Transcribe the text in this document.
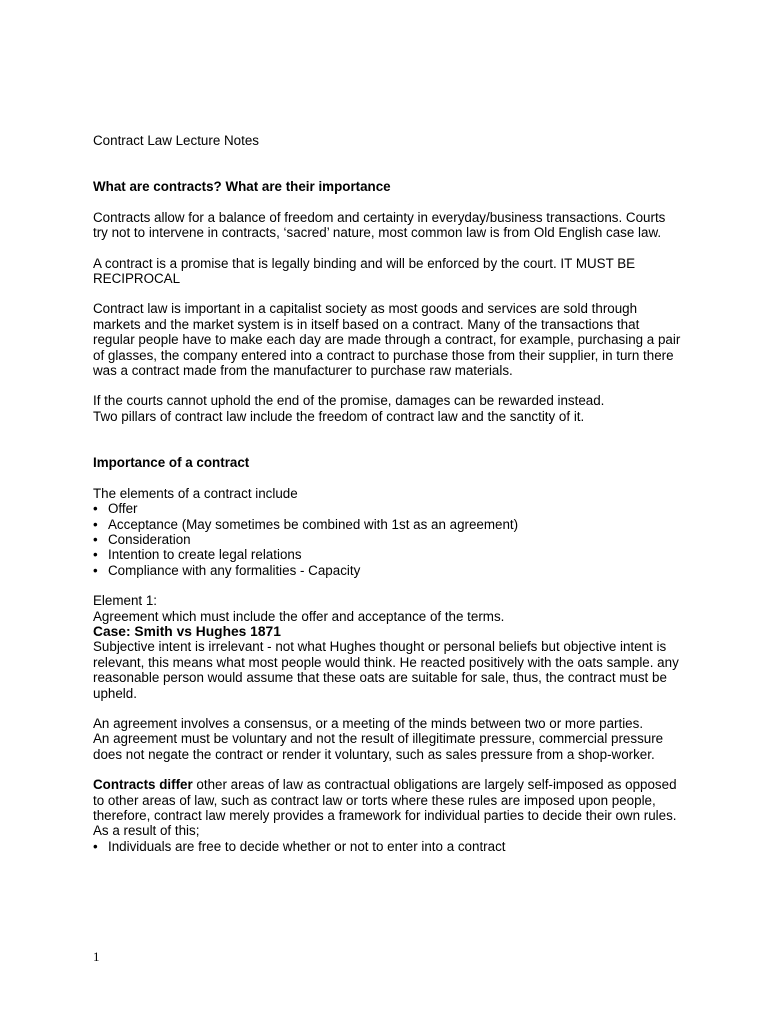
Contract Law Lecture Notes

What are contracts? What are their importance

Contracts allow for a balance of freedom and certainty in everyday/business transactions. Courts try not to intervene in contracts, ‘sacred’ nature, most common law is from Old English case law.

A contract is a promise that is legally binding and will be enforced by the court. IT MUST BE RECIPROCAL

Contract law is important in a capitalist society as most goods and services are sold through markets and the market system is in itself based on a contract. Many of the transactions that regular people have to make each day are made through a contract, for example, purchasing a pair of glasses, the company entered into a contract to purchase those from their supplier, in turn there was a contract made from the manufacturer to purchase raw materials.

If the courts cannot uphold the end of the promise, damages can be rewarded instead.

Two pillars of contract law include the freedom of contract law and the sanctity of it.

Importance of a contract

The elements of a contract include

• Offer
• Acceptance (May sometimes be combined with 1st as an agreement)
• Consideration
• Intention to create legal relations
• Compliance with any formalities - Capacity

Element 1:

Agreement which must include the offer and acceptance of the terms.

Case: Smith vs Hughes 1871

Subjective intent is irrelevant - not what Hughes thought or personal beliefs but objective intent is relevant, this means what most people would think. He reacted positively with the oats sample. any reasonable person would assume that these oats are suitable for sale, thus, the contract must be upheld.

An agreement involves a consensus, or a meeting of the minds between two or more parties.

An agreement must be voluntary and not the result of illegitimate pressure, commercial pressure does not negate the contract or render it voluntary, such as sales pressure from a shop-worker.

Contracts differ other areas of law as contractual obligations are largely self-imposed as opposed to other areas of law, such as contract law or torts where these rules are imposed upon people, therefore, contract law merely provides a framework for individual parties to decide their own rules.

As a result of this;

• Individuals are free to decide whether or not to enter into a contract
1
